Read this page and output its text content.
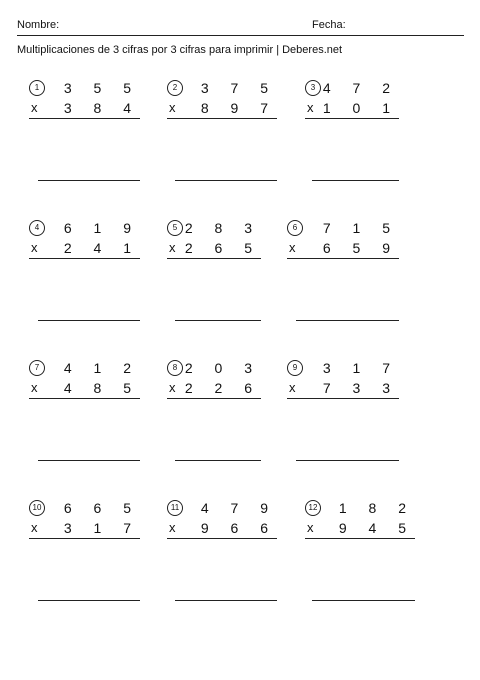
Nombre:	Fecha:
Multiplicaciones de 3 cifras por 3 cifras para imprimir | Deberes.net
1	3 5 5
x 3 8 4
2	3 7 5
x 8 9 7
3 4 7 2
x 1 0 1
4	6 1 9
x 2 4 1
5 2 8 3
x 2 6 5
6	7 1 5
x 6 5 9
7	4 1 2
x 4 8 5
8 2 0 3
x 2 2 6
9	3 1 7
x 7 3 3
10 6 6 5
x 3 1 7
11 4 7 9
x 9 6 6
12 1 8 2
x 9 4 5
